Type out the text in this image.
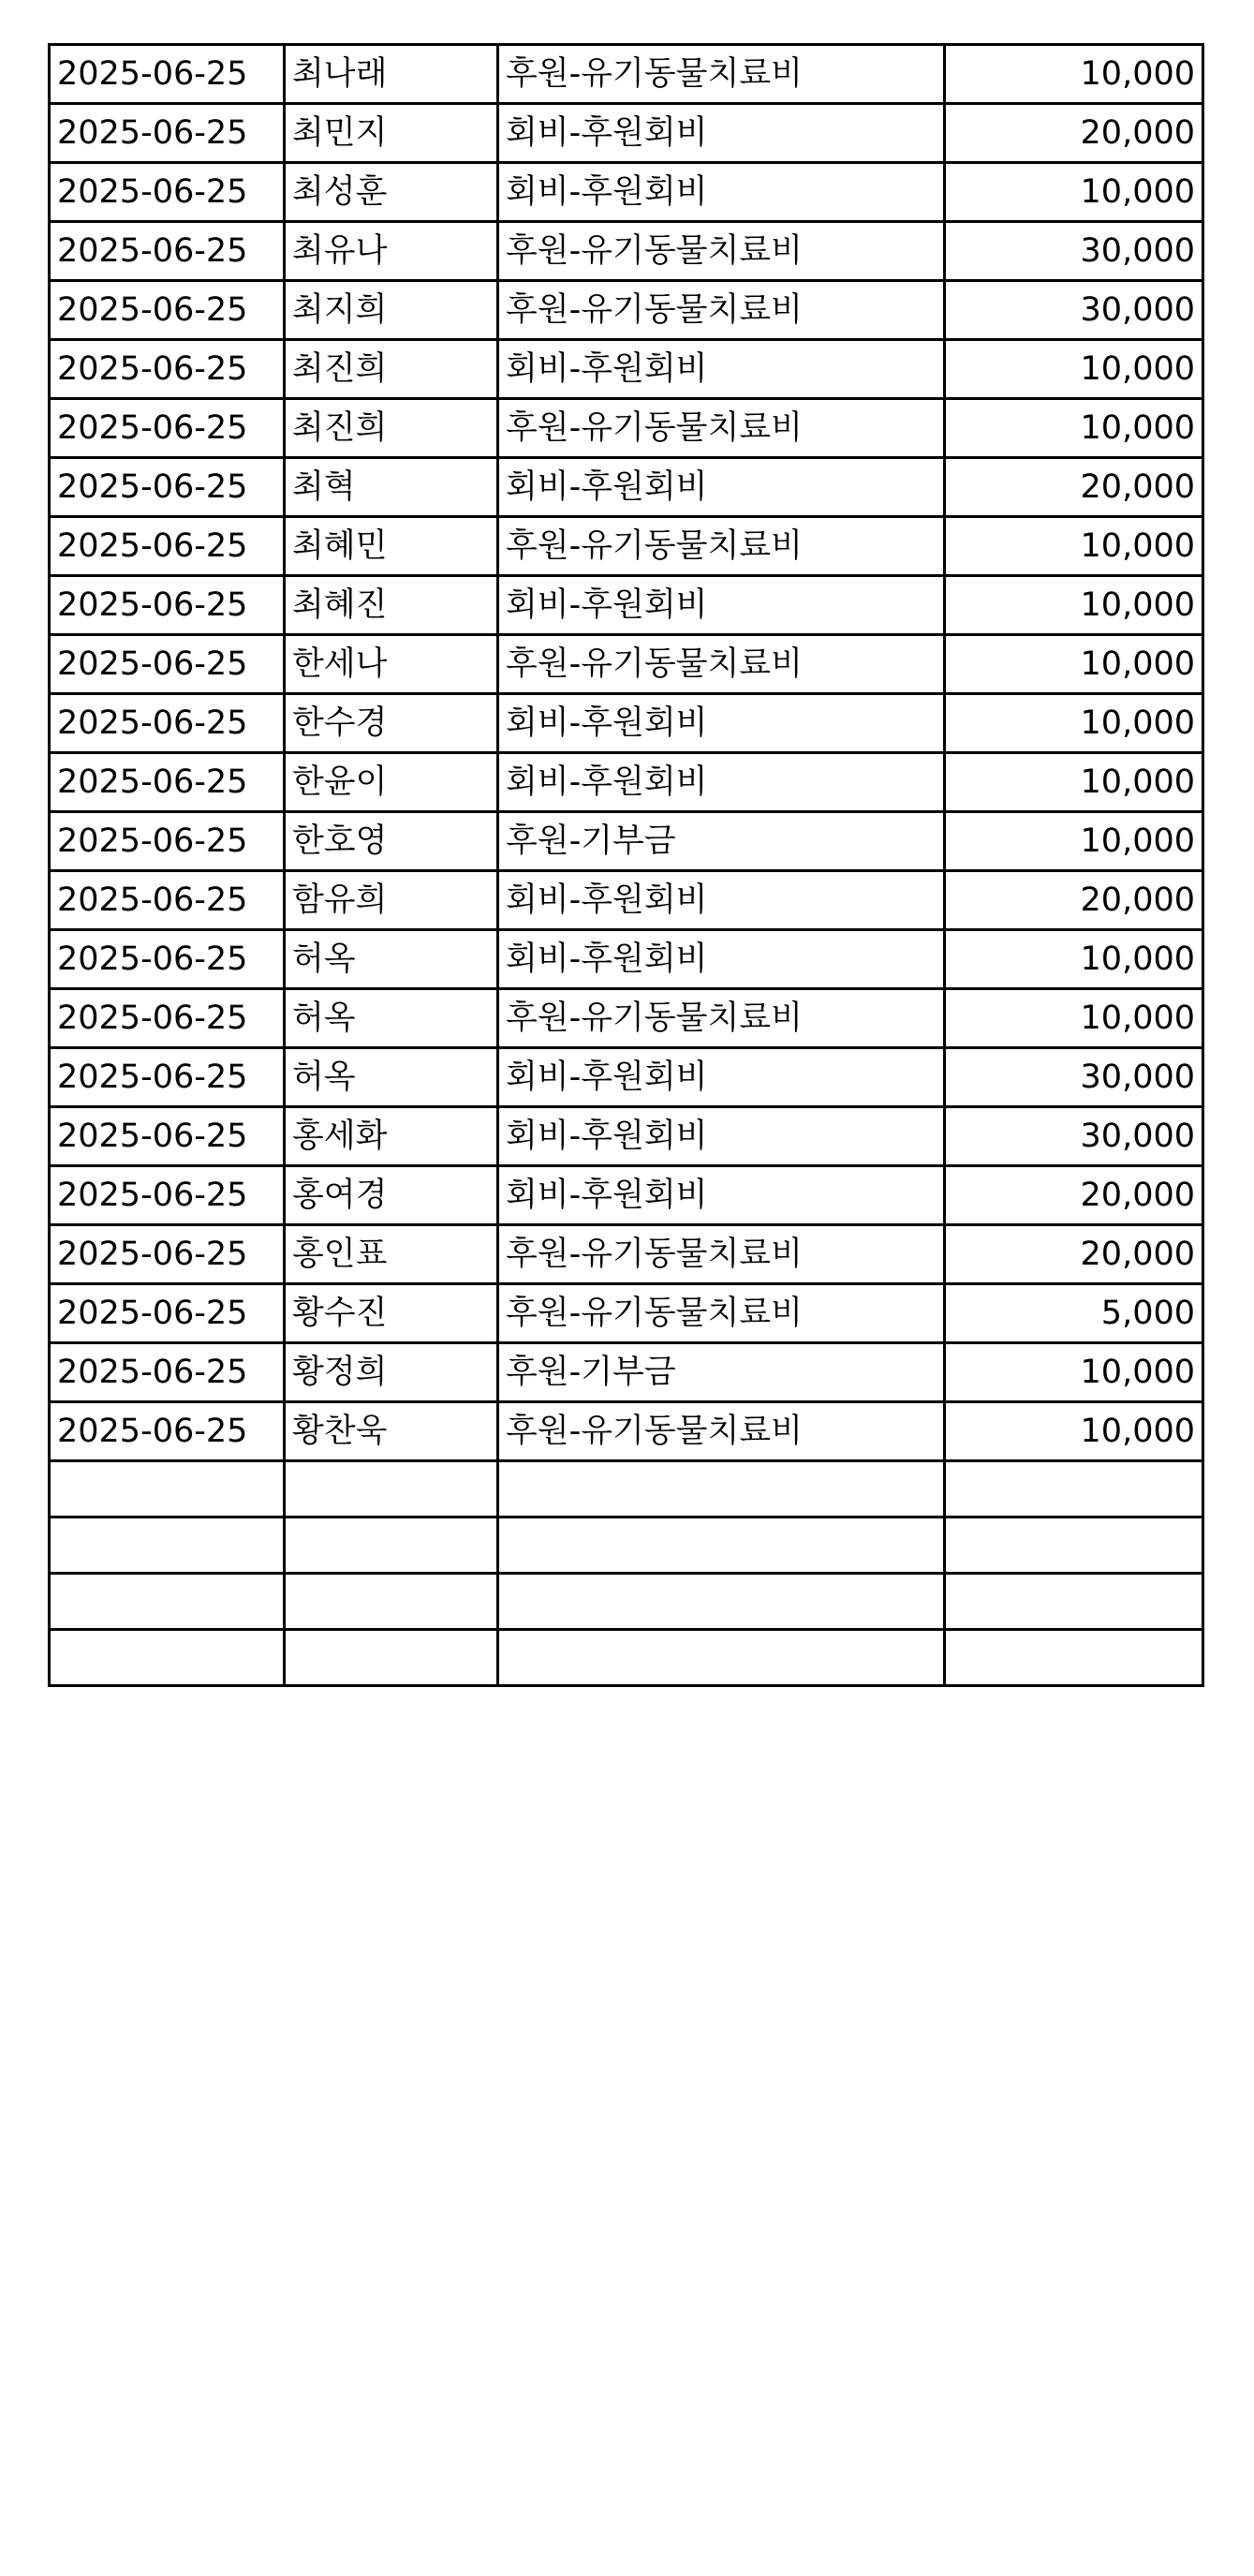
2025-06-25	최나래	후원-유기동물치료비	10,000
2025-06-25	최민지	회비-후원회비	20,000
2025-06-25	최성훈	회비-후원회비	10,000
2025-06-25	최유나	후원-유기동물치료비	30,000
2025-06-25	최지희	후원-유기동물치료비	30,000
2025-06-25	최진희	회비-후원회비	10,000
2025-06-25	최진희	후원-유기동물치료비	10,000
2025-06-25	최혁	회비-후원회비	20,000
2025-06-25	최혜민	후원-유기동물치료비	10,000
2025-06-25	최혜진	회비-후원회비	10,000
2025-06-25	한세나	후원-유기동물치료비	10,000
2025-06-25	한수경	회비-후원회비	10,000
2025-06-25	한윤이	회비-후원회비	10,000
2025-06-25	한호영	후원-기부금	10,000
2025-06-25	함유희	회비-후원회비	20,000
2025-06-25	허옥	회비-후원회비	10,000
2025-06-25	허옥	후원-유기동물치료비	10,000
2025-06-25	허옥	회비-후원회비	30,000
2025-06-25	홍세화	회비-후원회비	30,000
2025-06-25	홍여경	회비-후원회비	20,000
2025-06-25	홍인표	후원-유기동물치료비	20,000
2025-06-25	황수진	후원-유기동물치료비	5,000
2025-06-25	황정희	후원-기부금	10,000
2025-06-25	황찬욱	후원-유기동물치료비	10,000
